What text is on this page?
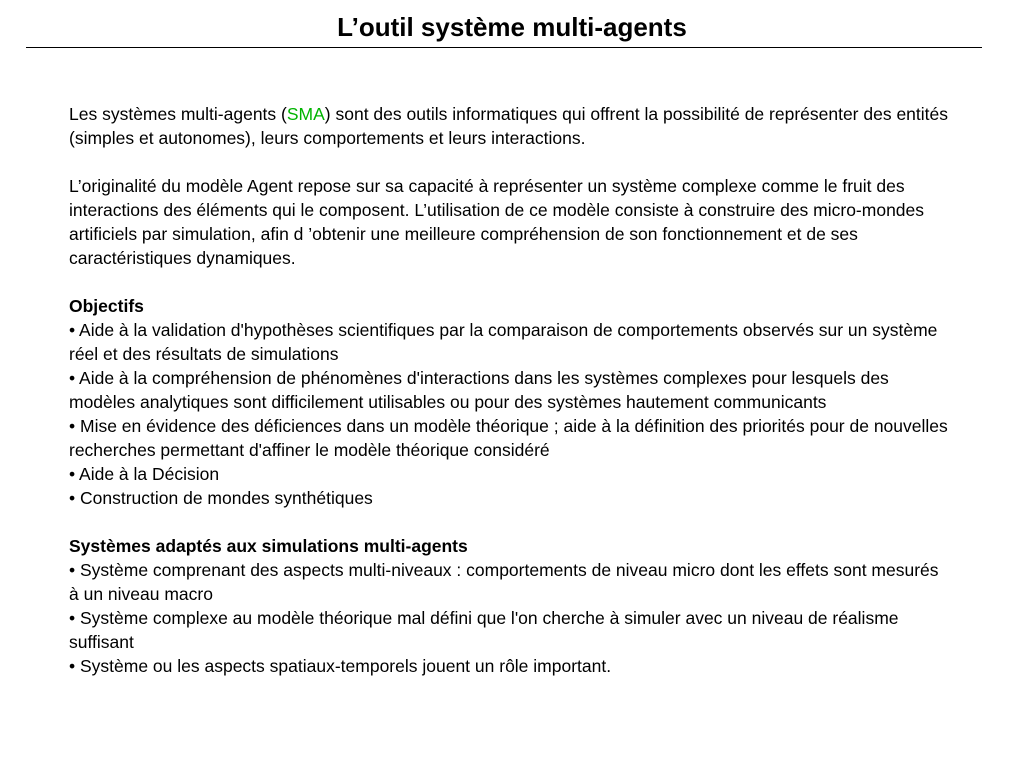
L’outil système multi-agents

Les systèmes multi-agents (SMA) sont des outils informatiques qui offrent la possibilité de représenter des entités (simples et autonomes), leurs comportements et leurs interactions.

L’originalité du modèle Agent repose sur sa capacité à représenter un système complexe comme le fruit des interactions des éléments qui le composent. L’utilisation de ce modèle consiste à construire des micro-mondes artificiels par simulation, afin d ’obtenir une meilleure compréhension de son fonctionnement et de ses caractéristiques dynamiques.

Objectifs

• Aide à la validation d'hypothèses scientifiques par la comparaison de comportements observés sur un système réel et des résultats de simulations

• Aide à la compréhension de phénomènes d'interactions dans les systèmes complexes pour lesquels des modèles analytiques sont difficilement utilisables ou pour des systèmes hautement communicants

• Mise en évidence des déficiences dans un modèle théorique ; aide à la définition des priorités pour de nouvelles recherches permettant d'affiner le modèle théorique considéré

• Aide à la Décision

• Construction de mondes synthétiques

Systèmes adaptés aux simulations multi-agents

• Système comprenant des aspects multi-niveaux : comportements de niveau micro dont les effets sont mesurés à un niveau macro

• Système complexe au modèle théorique mal défini que l'on cherche à simuler avec un niveau de réalisme suffisant

• Système ou les aspects spatiaux-temporels jouent un rôle important.
